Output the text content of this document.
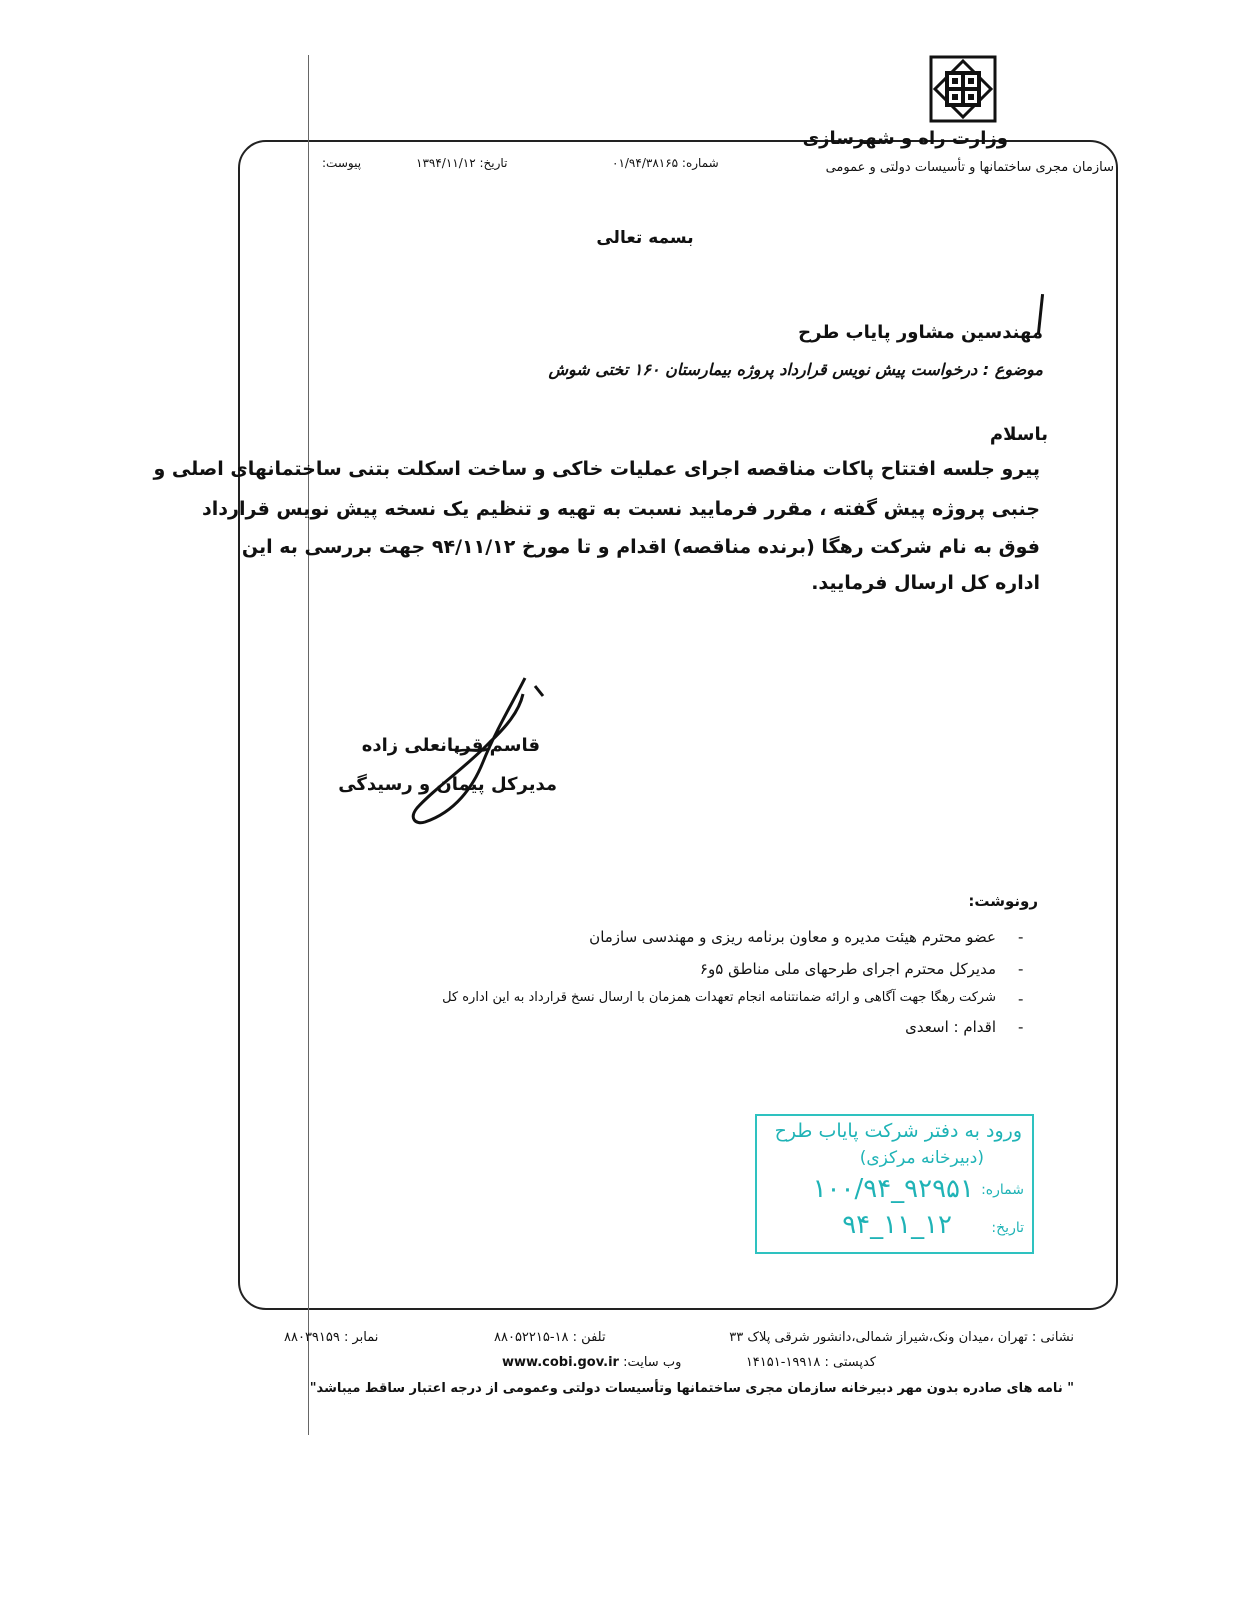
وزارت راه و شهرسازی
سازمان مجری ساختمانها و تأسیسات دولتی و عمومی
شماره: ۰۱/۹۴/۳۸۱۶۵
تاریخ: ۱۳۹۴/۱۱/۱۲
پیوست:
بسمه تعالی
مهندسین مشاور پایاب طرح
موضوع : درخواست پیش نویس قرارداد پروژه بیمارستان ۱۶۰ تختی شوش
باسلام
پیرو جلسه افتتاح پاکات مناقصه اجرای عملیات خاکی و ساخت اسکلت بتنی ساختمانهای اصلی و
جنبی پروژه پیش گفته ، مقرر فرمایید نسبت به تهیه و تنظیم یک نسخه پیش نویس قرارداد
فوق به نام شرکت رهگا (برنده مناقصه) اقدام و تا مورخ ۹۴/۱۱/۱۲ جهت بررسی به این
اداره کل ارسال فرمایید.
قاسم قربانعلی زاده
مدیرکل پیمان و رسیدگی
رونوشت:
-
عضو محترم هیئت مدیره و معاون برنامه ریزی و مهندسی سازمان
-
مدیرکل محترم اجرای طرحهای ملی مناطق ۵و۶
-
شرکت رهگا جهت آگاهی و ارائه ضمانتنامه انجام تعهدات همزمان با ارسال نسخ قرارداد به این اداره کل
-
اقدام : اسعدی
ورود به دفتر شرکت پایاب طرح
(دبیرخانه مرکزی)
شماره:
۱۰۰/۹۴_۹۲۹۵۱
تاریخ:
۹۴_۱۱_۱۲
نشانی : تهران ،میدان ونک،شیراز شمالی،دانشور شرقی پلاک ۳۳
کدپستی : ۱۹۹۱۸-۱۴۱۵۱
تلفن : ۱۸-۸۸۰۵۲۲۱۵
وب سایت: www.cobi.gov.ir
نمابر : ۸۸۰۳۹۱۵۹
" نامه های صادره بدون مهر دبیرخانه سازمان مجری ساختمانها وتأسیسات دولتی وعمومی از درجه اعتبار ساقط میباشد"
